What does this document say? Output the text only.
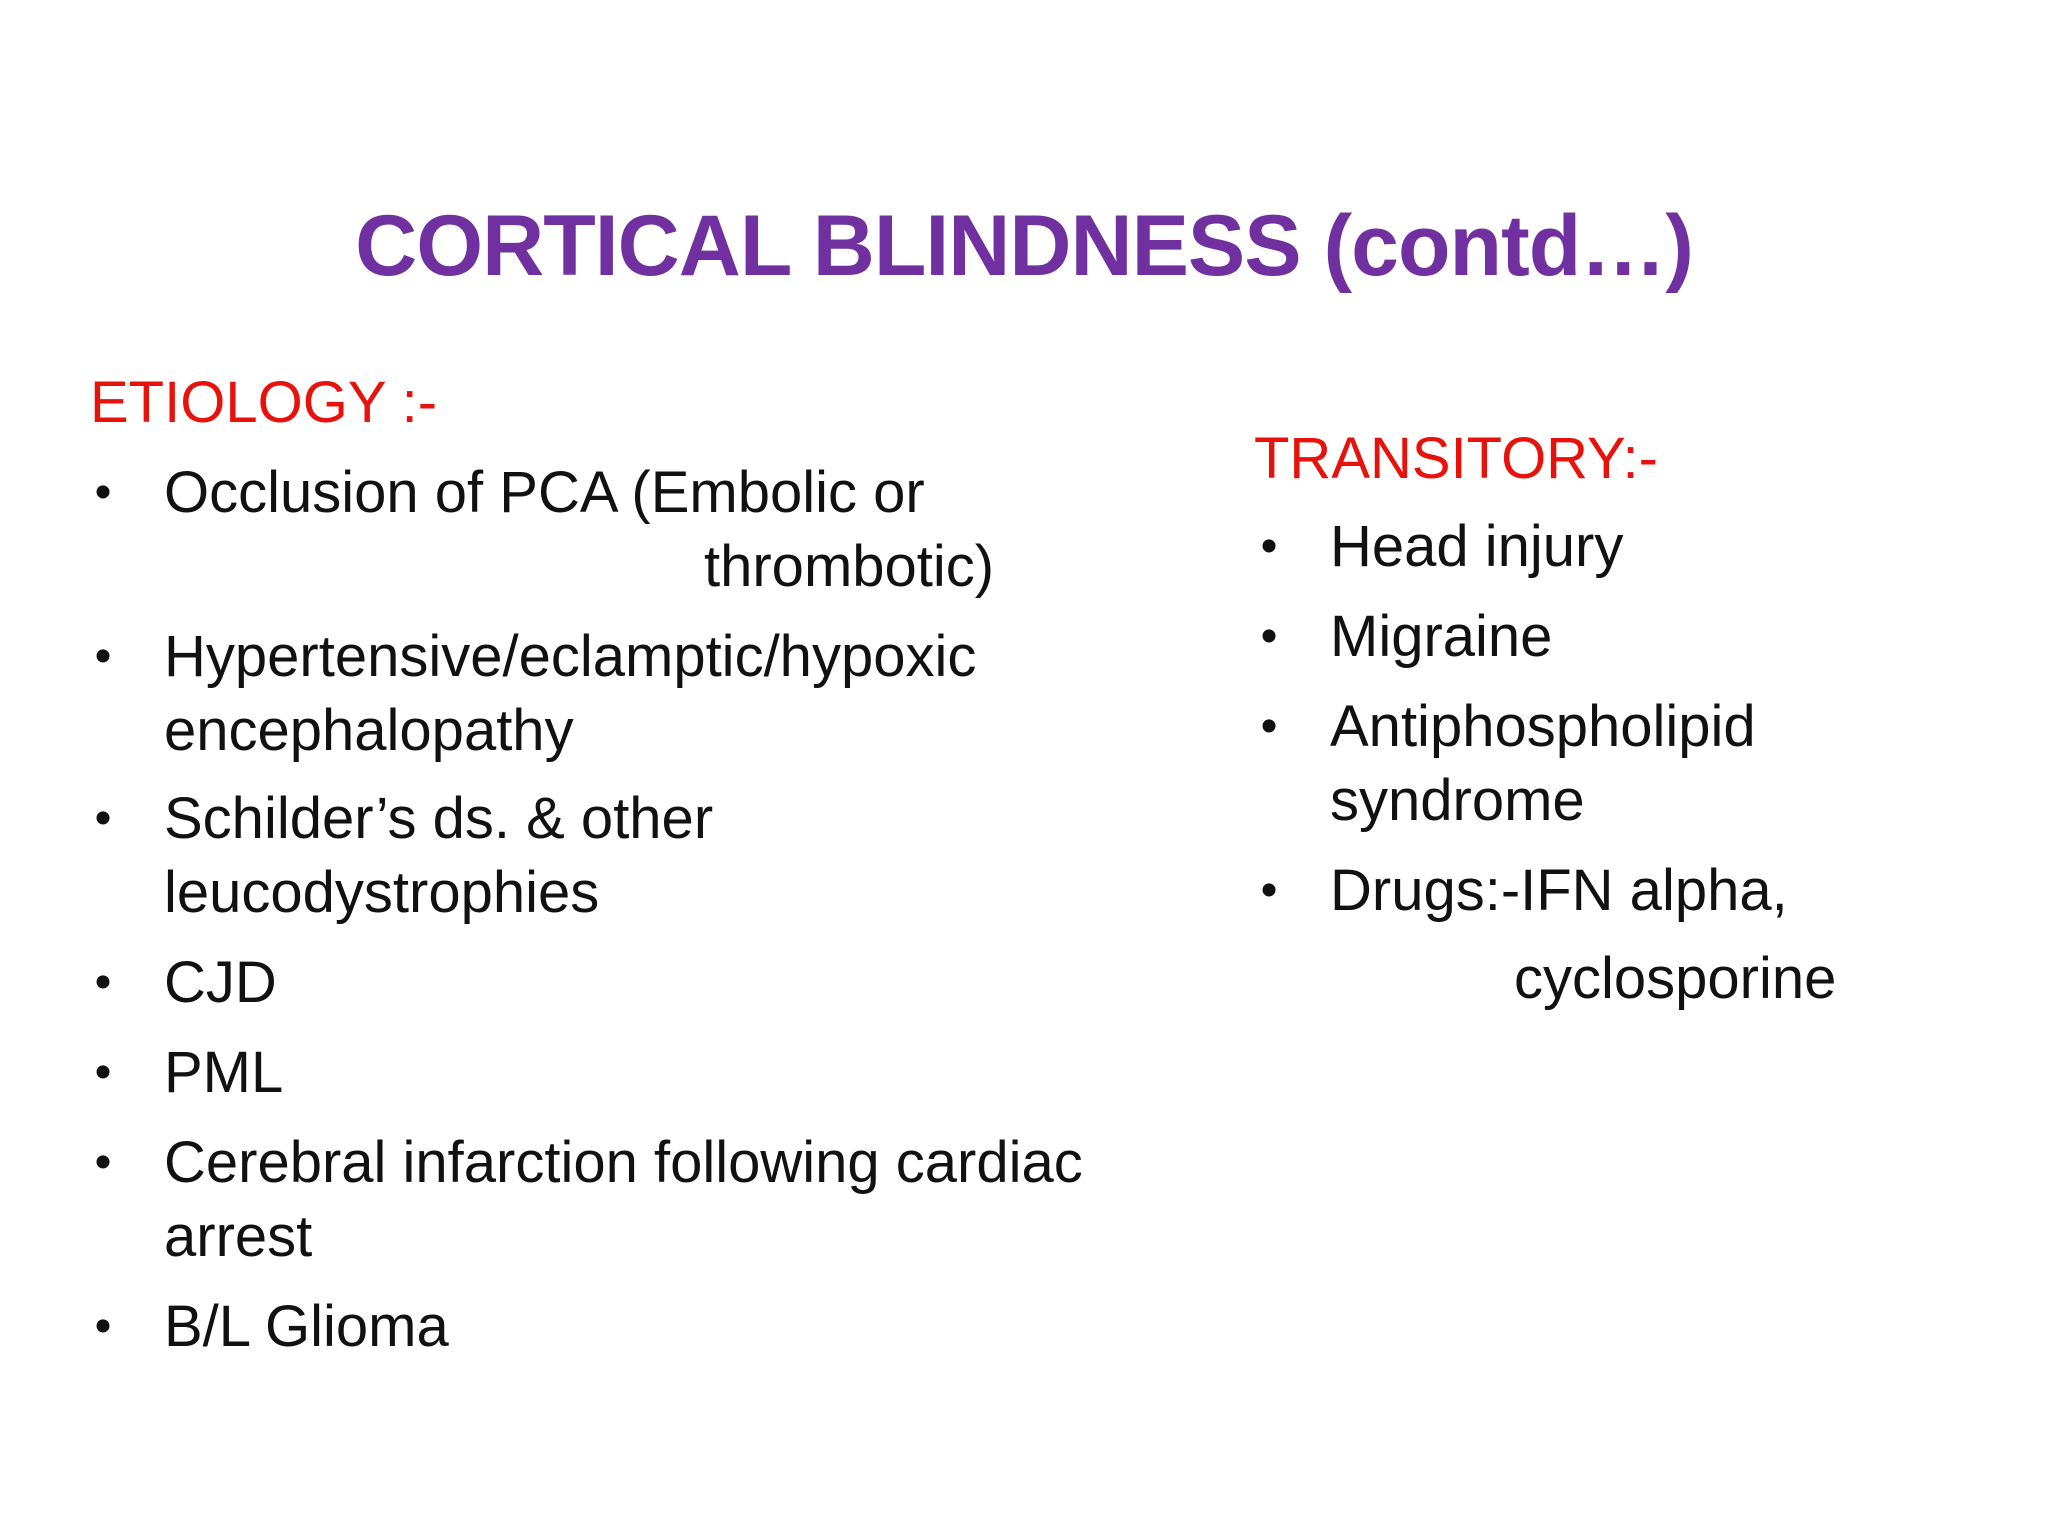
CORTICAL BLINDNESS (contd…)
ETIOLOGY :-
• Occlusion of PCA (Embolic or
thrombotic)
• Hypertensive/eclamptic/hypoxic
encephalopathy
• Schilder’s ds. & other
leucodystrophies
• CJD
• PML
• Cerebral infarction following cardiac
arrest
• B/L Glioma
TRANSITORY:-
• Head injury
• Migraine
• Antiphospholipid
syndrome
• Drugs:-IFN alpha,
cyclosporine
